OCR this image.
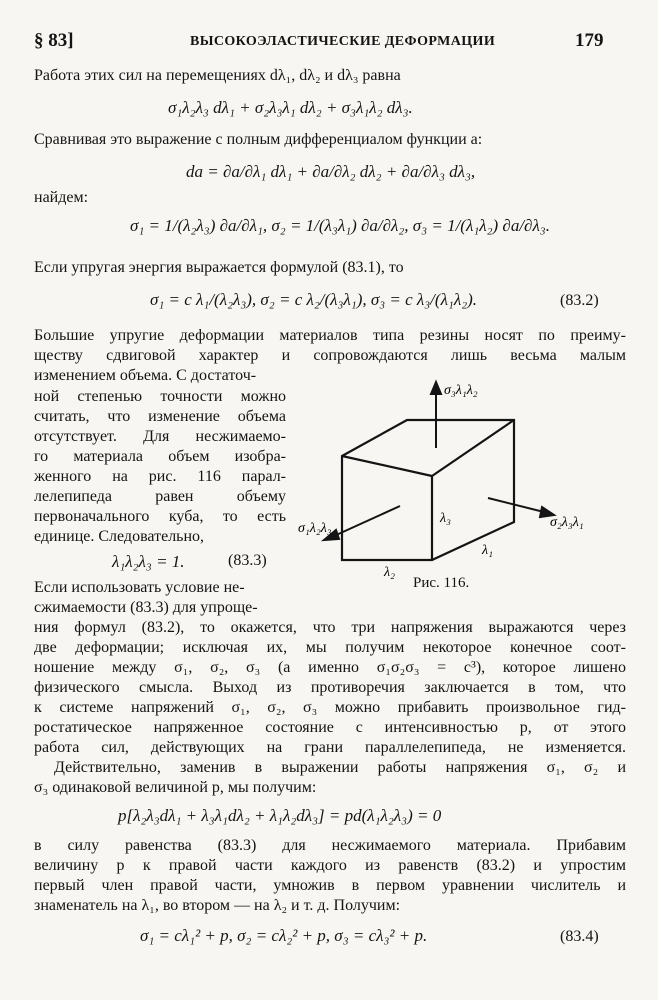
§ 83]	ВЫСОКОЭЛАСТИЧЕСКИЕ ДЕФОРМАЦИИ	179
Работа этих сил на перемещениях dλ₁, dλ₂ и dλ₃ равна
σ₁λ₂λ₃ dλ₁ + σ₂λ₃λ₁ dλ₂ + σ₃λ₁λ₂ dλ₃.
Сравнивая это выражение с полным дифференциалом функции a:
da = ∂a/∂λ₁ dλ₁ + ∂a/∂λ₂ dλ₂ + ∂a/∂λ₃ dλ₃,
найдем:
σ₁ = 1/(λ₂λ₃) ∂a/∂λ₁, σ₂ = 1/(λ₃λ₁) ∂a/∂λ₂, σ₃ = 1/(λ₁λ₂) ∂a/∂λ₃.
Если упругая энергия выражается формулой (83.1), то
σ₁ = c λ₁/(λ₂λ₃), σ₂ = c λ₂/(λ₃λ₁), σ₃ = c λ₃/(λ₁λ₂).	(83.2)
Большие упругие деформации материалов типа резины носят по преиму-
ществу сдвиговой характер и сопровождаются лишь весьма малым
изменением объема. С достаточ-
ной степенью точности можно
считать, что изменение объема
отсутствует. Для несжимаемо-
го материала объем изобра-
женного на рис. 116 парал-
лелепипеда равен объему
первоначального куба, то есть
единице. Следовательно,
λ₁λ₂λ₃ = 1.	(83.3)
Если использовать условие не-
сжимаемости (83.3) для упроще-
ния формул (83.2), то окажется, что три напряжения выражаются через
две деформации; исключая их, мы получим некоторое конечное соот-
ношение между σ₁, σ₂, σ₃ (а именно σ₁σ₂σ₃ = c³), которое лишено
физического смысла. Выход из противоречия заключается в том, что
к системе напряжений σ₁, σ₂, σ₃ можно прибавить произвольное гид-
ростатическое напряженное состояние с интенсивностью p, от этого
работа сил, действующих на грани параллелепипеда, не изменяется.
Действительно, заменив в выражении работы напряжения σ₁, σ₂ и
σ₃ одинаковой величиной p, мы получим:
p[λ₂λ₃dλ₁ + λ₃λ₁dλ₂ + λ₁λ₂dλ₃] = pd(λ₁λ₂λ₃) = 0
в силу равенства (83.3) для несжимаемого материала. Прибавим
величину p к правой части каждого из равенств (83.2) и упростим
первый член правой части, умножив в первом уравнении числитель и
знаменатель на λ₁, во втором — на λ₂ и т. д. Получим:
σ₁ = cλ₁² + p, σ₂ = cλ₂² + p, σ₃ = cλ₃² + p.	(83.4)
σ₃λ₁λ₂
σ₁λ₂λ₃	σ₂λ₃λ₁
λ₃
λ₂
λ₁
Рис. 116.
